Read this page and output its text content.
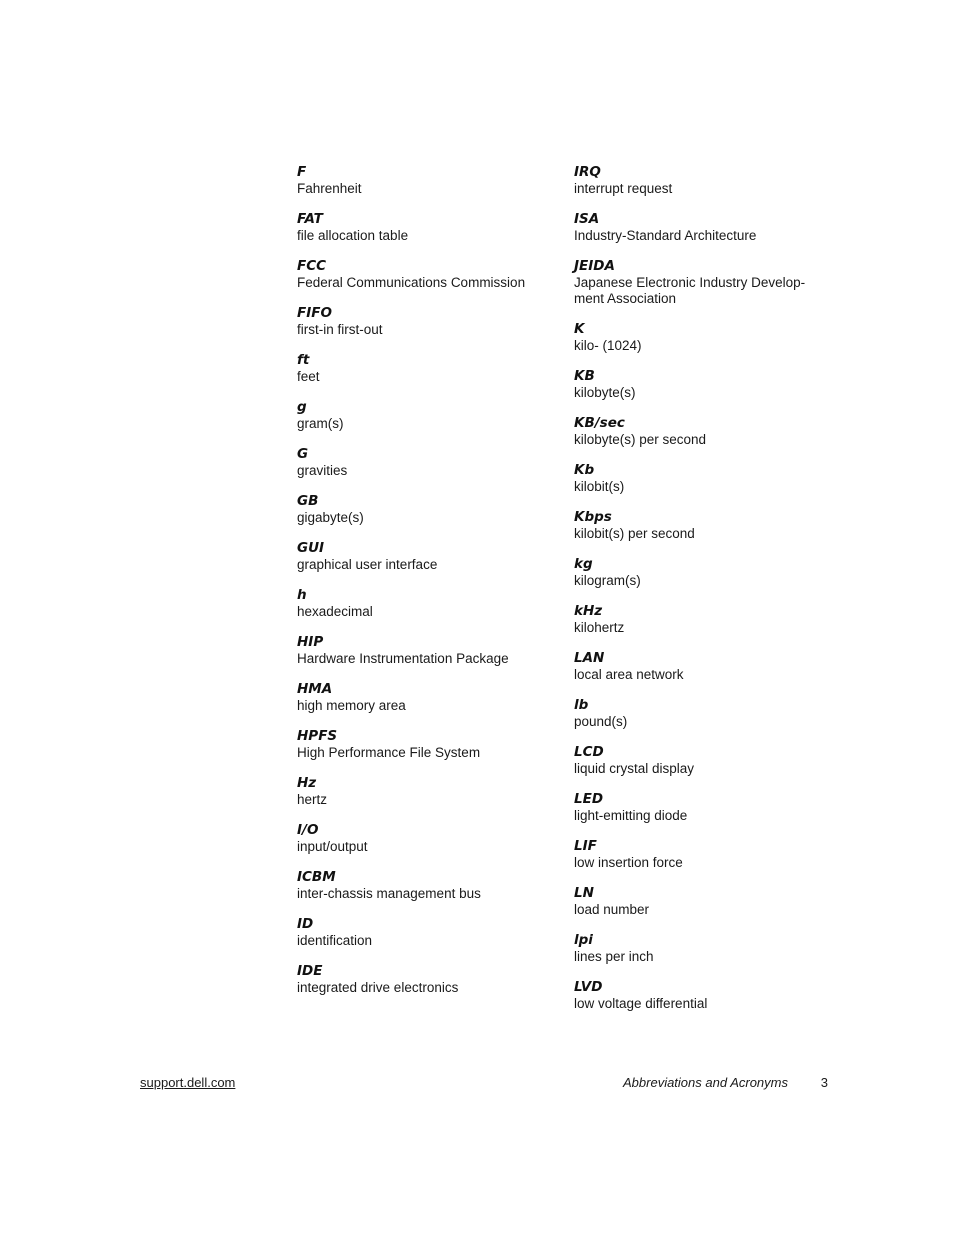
F
Fahrenheit
FAT
file allocation table
FCC
Federal Communications Commission
FIFO
first-in first-out
ft
feet
g
gram(s)
G
gravities
GB
gigabyte(s)
GUI
graphical user interface
h
hexadecimal
HIP
Hardware Instrumentation Package
HMA
high memory area
HPFS
High Performance File System
Hz
hertz
I/O
input/output
ICBM
inter-chassis management bus
ID
identification
IDE
integrated drive electronics
IRQ
interrupt request
ISA
Industry-Standard Architecture
JEIDA
Japanese Electronic Industry Develop-
ment Association
K
kilo- (1024)
KB
kilobyte(s)
KB/sec
kilobyte(s) per second
Kb
kilobit(s)
Kbps
kilobit(s) per second
kg
kilogram(s)
kHz
kilohertz
LAN
local area network
lb
pound(s)
LCD
liquid crystal display
LED
light-emitting diode
LIF
low insertion force
LN
load number
lpi
lines per inch
LVD
low voltage differential
support.dell.com	Abbreviations and Acronyms	3
